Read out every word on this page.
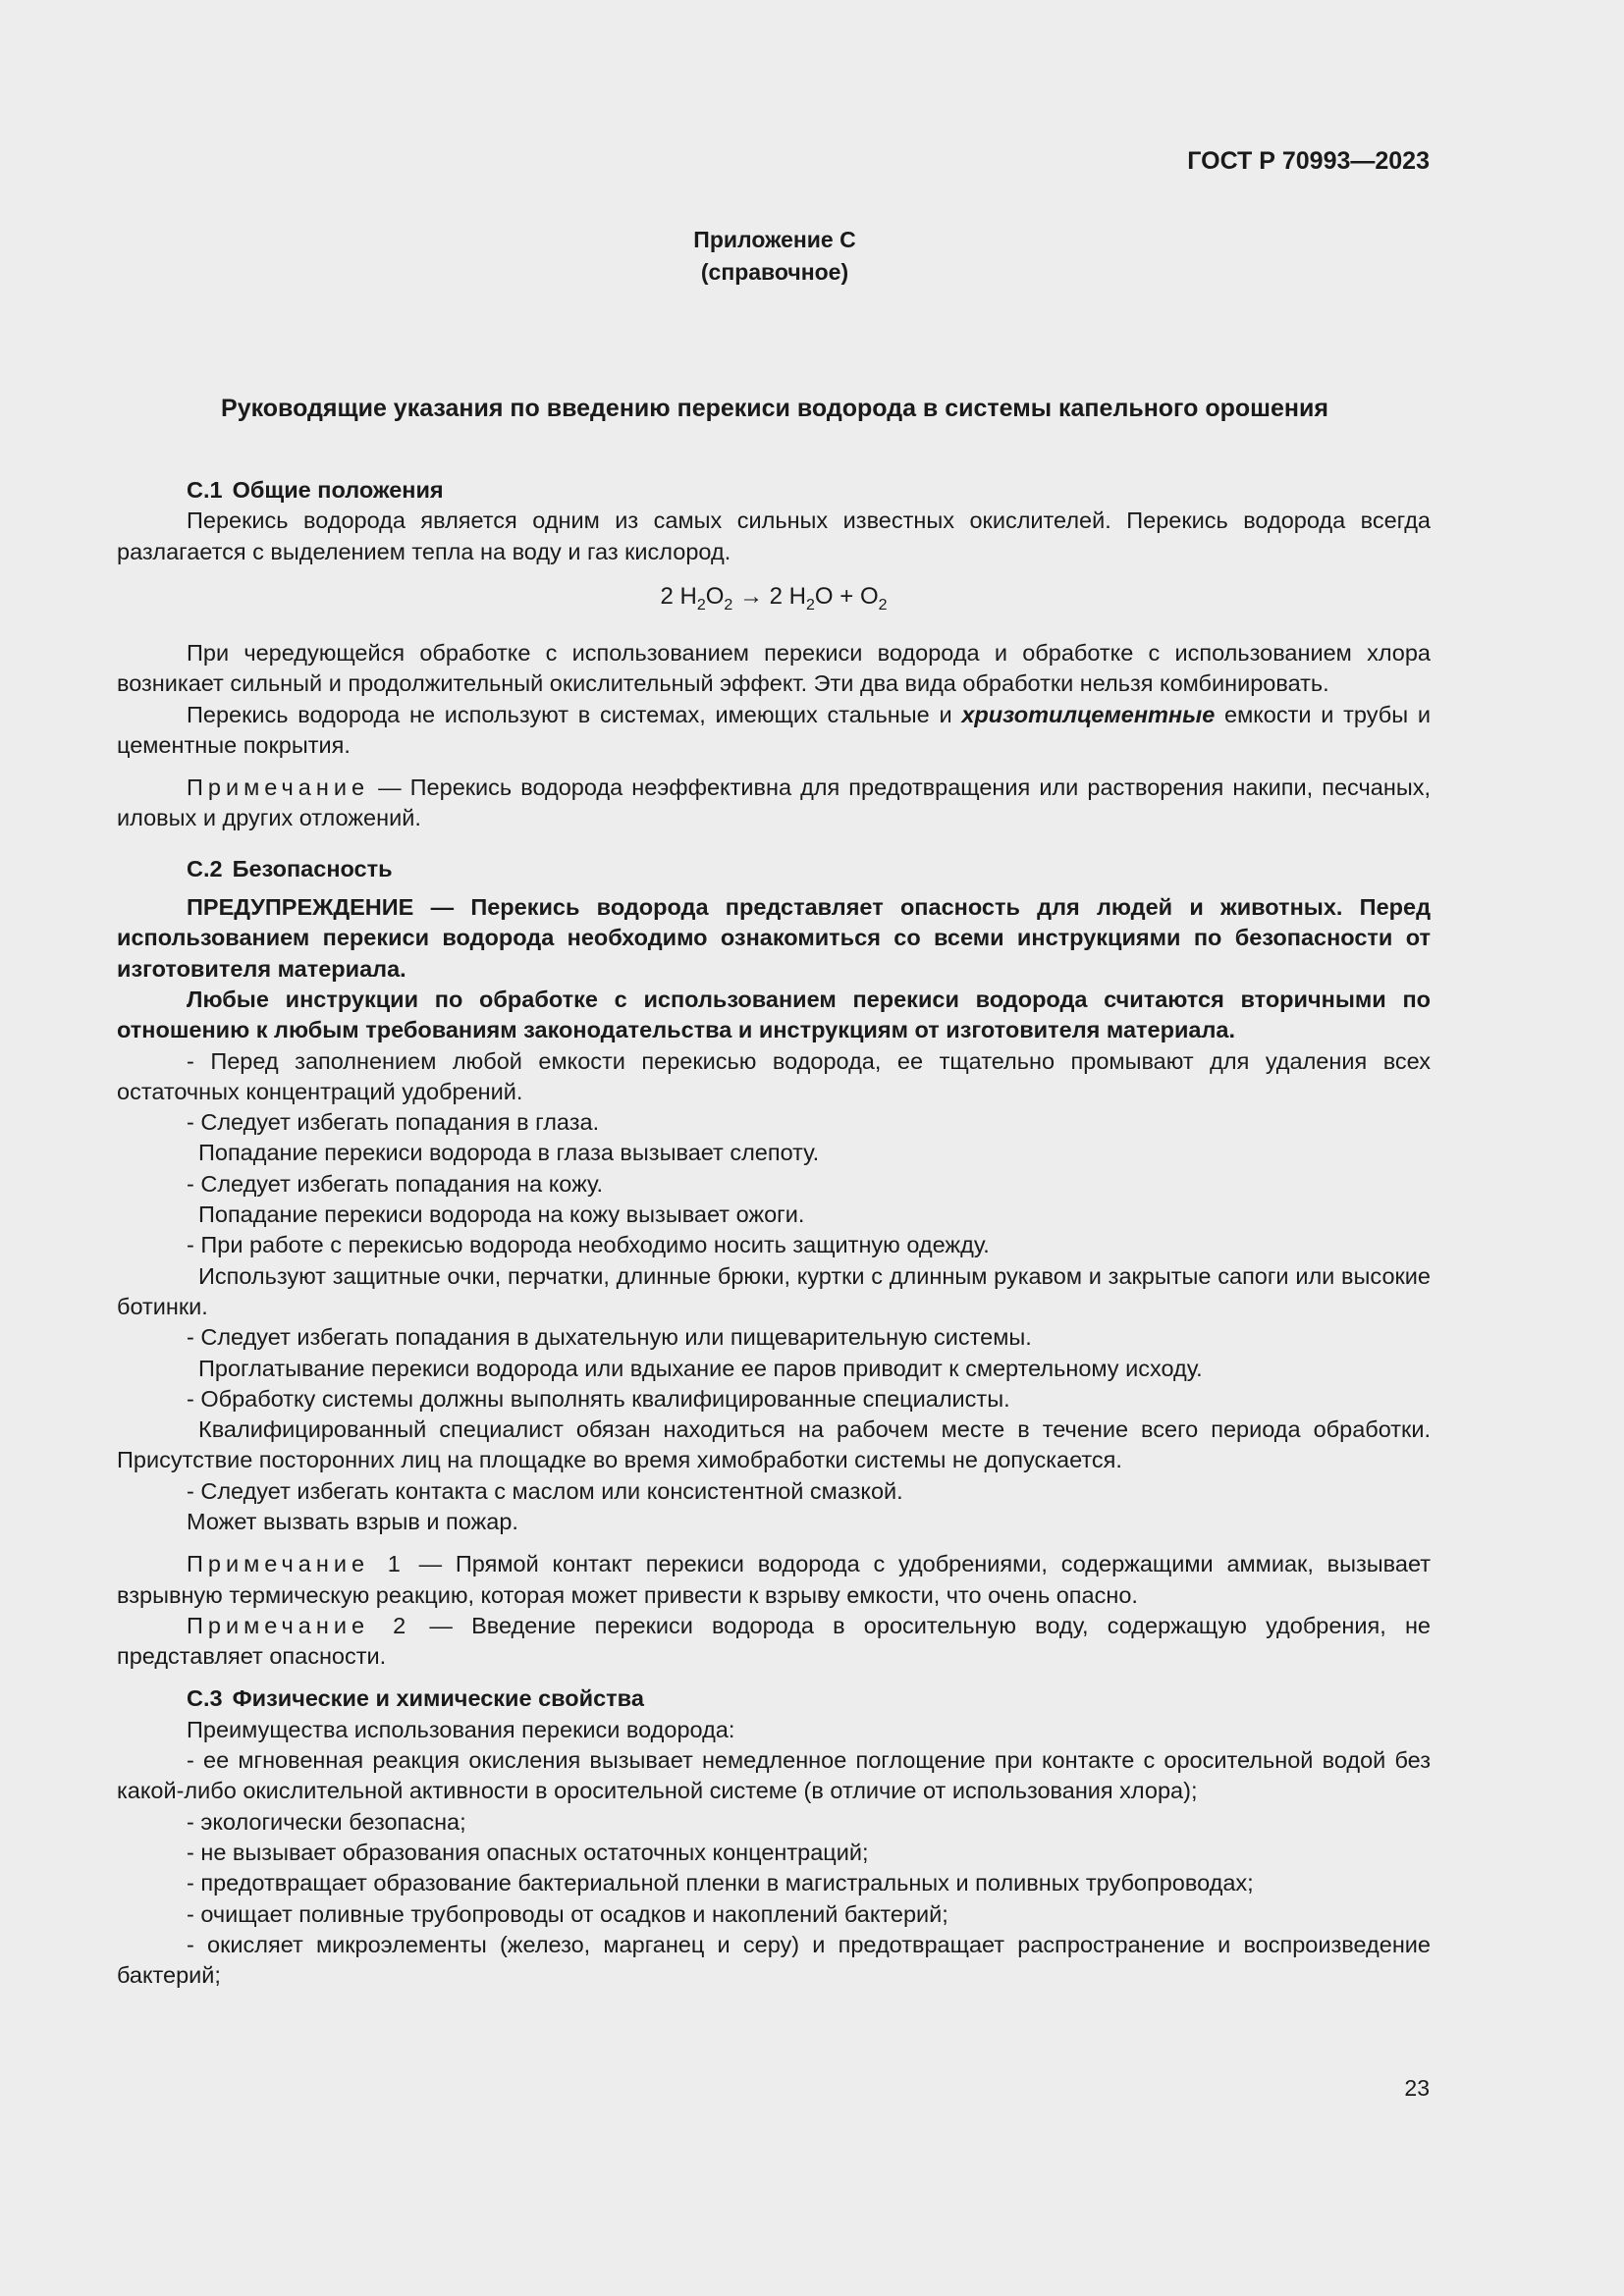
ГОСТ Р 70993—2023

Приложение С
(справочное)
Руководящие указания по введению перекиси водорода в системы капельного орошения

С.1 Общие положения

Перекись водорода является одним из самых сильных известных окислителей. Перекись водорода всегда разлагается с выделением тепла на воду и газ кислород.

2 $H_2O_2 \to 2$ $H_2O + O_2$

При чередующейся обработке с использованием перекиси водорода и обработке с использованием хлора возникает сильный и продолжительный окислительный эффект. Эти два вида обработки нельзя комбинировать.

Перекись водорода не используют в системах, имеющих стальные и хризотилцементные емкости и трубы и цементные покрытия.

Примечание — Перекись водорода неэффективна для предотвращения или растворения накипи, песчаных, иловых и других отложений.

С.2 Безопасность

ПРЕДУПРЕЖДЕНИЕ — Перекись водорода представляет опасность для людей и животных. Перед использованием перекиси водорода необходимо ознакомиться со всеми инструкциями по безопасности от изготовителя материала.

Любые инструкции по обработке с использованием перекиси водорода считаются вторичными по отношению к любым требованиям законодательства и инструкциям от изготовителя материала.

- Перед заполнением любой емкости перекисью водорода, ее тщательно промывают для удаления всех остаточных концентраций удобрений.

- Следует избегать попадания в глаза.

Попадание перекиси водорода в глаза вызывает слепоту.

- Следует избегать попадания на кожу.

Попадание перекиси водорода на кожу вызывает ожоги.

- При работе с перекисью водорода необходимо носить защитную одежду.

Используют защитные очки, перчатки, длинные брюки, куртки с длинным рукавом и закрытые сапоги или высокие ботинки.

- Следует избегать попадания в дыхательную или пищеварительную системы.

Проглатывание перекиси водорода или вдыхание ее паров приводит к смертельному исходу.

- Обработку системы должны выполнять квалифицированные специалисты.

Квалифицированный специалист обязан находиться на рабочем месте в течение всего периода обработки. Присутствие посторонних лиц на площадке во время химобработки системы не допускается.

- Следует избегать контакта с маслом или консистентной смазкой.

Может вызвать взрыв и пожар.

Примечание 1 — Прямой контакт перекиси водорода с удобрениями, содержащими аммиак, вызывает взрывную термическую реакцию, которая может привести к взрыву емкости, что очень опасно.

Примечание 2 — Введение перекиси водорода в оросительную воду, содержащую удобрения, не представляет опасности.

С.3 Физические и химические свойства

Преимущества использования перекиси водорода:

- ее мгновенная реакция окисления вызывает немедленное поглощение при контакте с оросительной водой без какой-либо окислительной активности в оросительной системе (в отличие от использования хлора);

- экологически безопасна;

- не вызывает образования опасных остаточных концентраций;

- предотвращает образование бактериальной пленки в магистральных и поливных трубопроводах;

- очищает поливные трубопроводы от осадков и накоплений бактерий;

- окисляет микроэлементы (железо, марганец и серу) и предотвращает распространение и воспроизведение бактерий;

23
